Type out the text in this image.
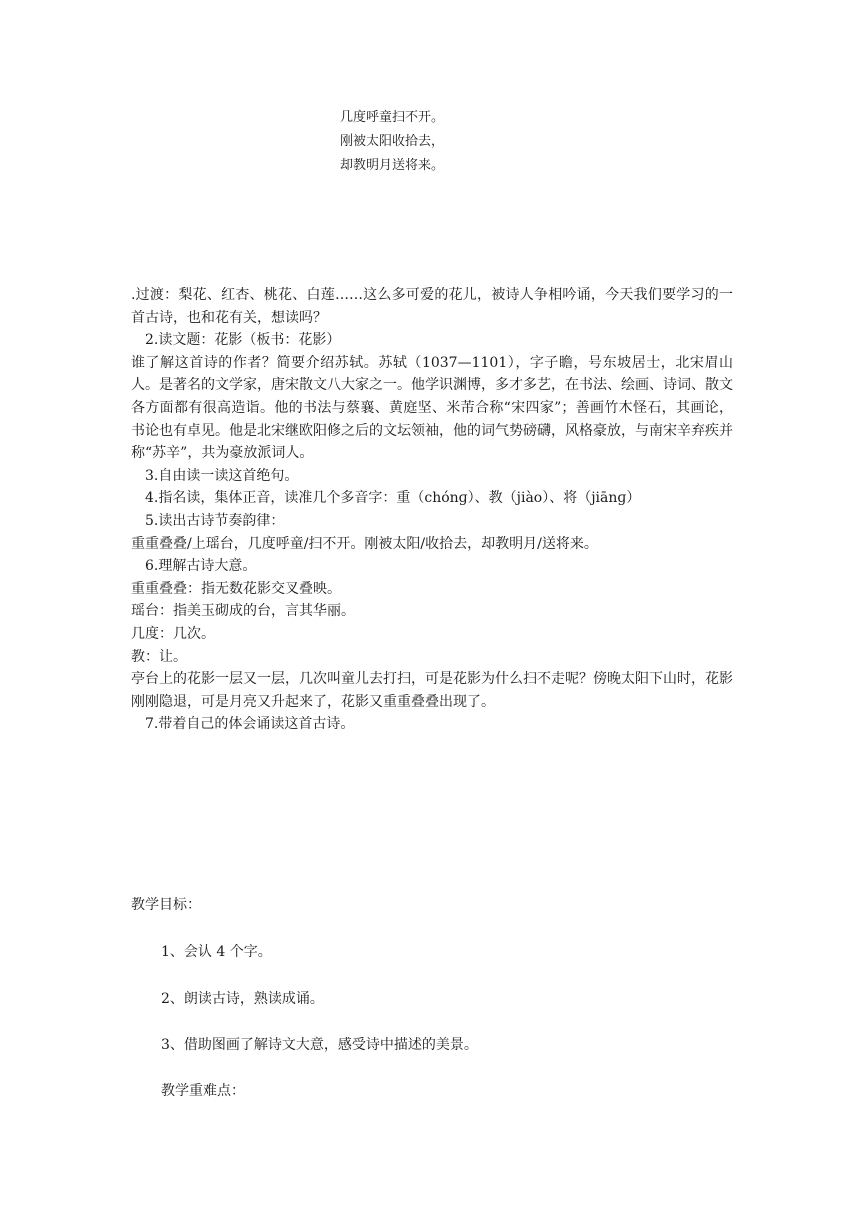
几度呼童扫不开。
刚被太阳收拾去，
却教明月送将来。

.过渡：梨花、红杏、桃花、白莲……这么多可爱的花儿，被诗人争相吟诵，今天我们要学习的一首古诗，也和花有关，想读吗？

2.读文题：花影（板书：花影）

谁了解这首诗的作者？简要介绍苏轼。苏轼（1037—1101），字子瞻，号东坡居士，北宋眉山人。是著名的文学家，唐宋散文八大家之一。他学识渊博，多才多艺，在书法、绘画、诗词、散文各方面都有很高造诣。他的书法与蔡襄、黄庭坚、米芾合称“宋四家”；善画竹木怪石，其画论，书论也有卓见。他是北宋继欧阳修之后的文坛领袖，他的词气势磅礴，风格豪放，与南宋辛弃疾并称“苏辛”，共为豪放派词人。

3.自由读一读这首绝句。

4.指名读，集体正音，读准几个多音字：重（chónɡ）、教（jiào）、将（jiānɡ）

5.读出古诗节奏韵律：

重重叠叠/上瑶台，几度呼童/扫不开。刚被太阳/收拾去，却教明月/送将来。

6.理解古诗大意。

重重叠叠：指无数花影交叉叠映。

瑶台：指美玉砌成的台，言其华丽。

几度：几次。

教：让。

亭台上的花影一层又一层，几次叫童儿去打扫，可是花影为什么扫不走呢？傍晚太阳下山时，花影刚刚隐退，可是月亮又升起来了，花影又重重叠叠出现了。

7.带着自己的体会诵读这首古诗。

教学目标：

1、会认 4 个字。

2、朗读古诗，熟读成诵。

3、借助图画了解诗文大意，感受诗中描述的美景。

教学重难点：
